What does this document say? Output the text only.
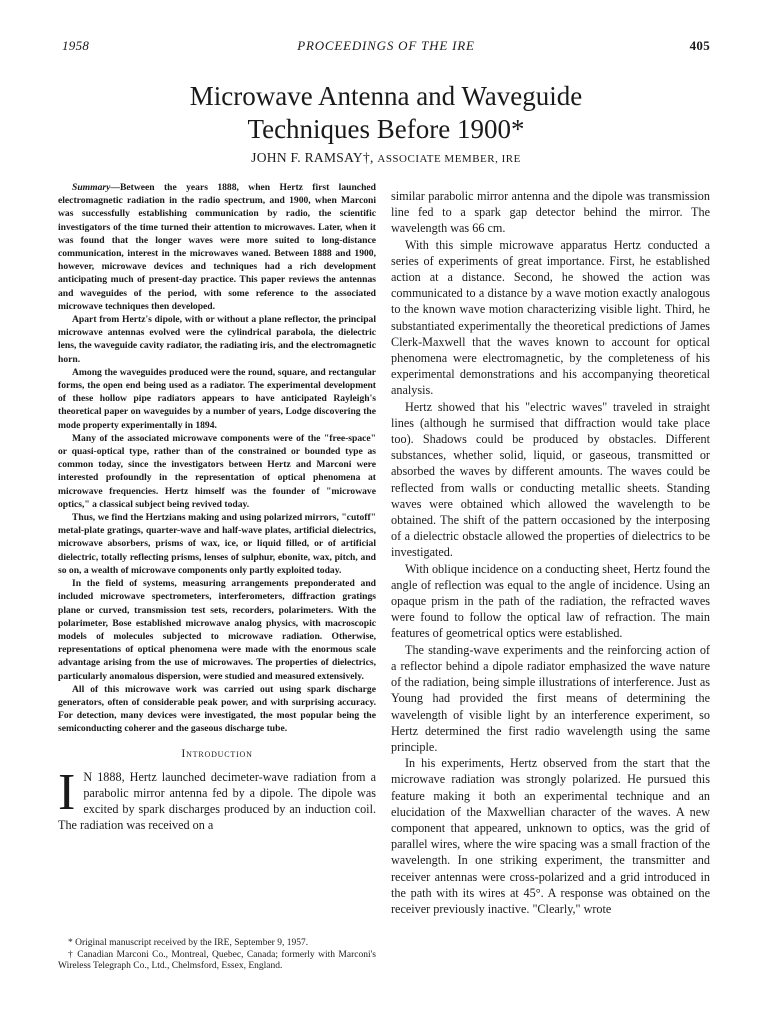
1958	PROCEEDINGS OF THE IRE	405
Microwave Antenna and Waveguide
Techniques Before 1900*
JOHN F. RAMSAY†, ASSOCIATE MEMBER, IRE

Summary—Between the years 1888, when Hertz first launched electromagnetic radiation in the radio spectrum, and 1900, when Marconi was successfully establishing communication by radio, the scientific investigators of the time turned their attention to microwaves. Later, when it was found that the longer waves were more suited to long-distance communication, interest in the microwaves waned. Between 1888 and 1900, however, microwave devices and techniques had a rich development anticipating much of present-day practice. This paper reviews the antennas and waveguides of the period, with some reference to the associated microwave techniques then developed.

Apart from Hertz's dipole, with or without a plane reflector, the principal microwave antennas evolved were the cylindrical parabola, the dielectric lens, the waveguide cavity radiator, the radiating iris, and the electromagnetic horn.

Among the waveguides produced were the round, square, and rectangular forms, the open end being used as a radiator. The experimental development of these hollow pipe radiators appears to have anticipated Rayleigh's theoretical paper on waveguides by a number of years, Lodge discovering the mode property experimentally in 1894.

Many of the associated microwave components were of the "free-space" or quasi-optical type, rather than of the constrained or bounded type as common today, since the investigators between Hertz and Marconi were interested profoundly in the representation of optical phenomena at microwave frequencies. Hertz himself was the founder of "microwave optics," a classical subject being revived today.

Thus, we find the Hertzians making and using polarized mirrors, "cutoff" metal-plate gratings, quarter-wave and half-wave plates, artificial dielectrics, microwave absorbers, prisms of wax, ice, or liquid filled, or of artificial dielectric, totally reflecting prisms, lenses of sulphur, ebonite, wax, pitch, and so on, a wealth of microwave components only partly exploited today.

In the field of systems, measuring arrangements preponderated and included microwave spectrometers, interferometers, diffraction gratings plane or curved, transmission test sets, recorders, polarimeters. With the polarimeter, Bose established microwave analog physics, with macroscopic models of molecules subjected to microwave radiation. Otherwise, representations of optical phenomena were made with the enormous scale advantage arising from the use of microwaves. The properties of dielectrics, particularly anomalous dispersion, were studied and measured extensively.

All of this microwave work was carried out using spark discharge generators, often of considerable peak power, and with surprising accuracy. For detection, many devices were investigated, the most popular being the semiconducting coherer and the gaseous discharge tube.

Introduction

I N 1888, Hertz launched decimeter-wave radiation from a parabolic mirror antenna fed by a dipole. The dipole was excited by spark discharges produced by an induction coil. The radiation was received on a

* Original manuscript received by the IRE, September 9, 1957.

† Canadian Marconi Co., Montreal, Quebec, Canada; formerly with Marconi's Wireless Telegraph Co., Ltd., Chelmsford, Essex, England.

similar parabolic mirror antenna and the dipole was transmission line fed to a spark gap detector behind the mirror. The wavelength was 66 cm.

With this simple microwave apparatus Hertz conducted a series of experiments of great importance. First, he established action at a distance. Second, he showed the action was communicated to a distance by a wave motion exactly analogous to the known wave motion characterizing visible light. Third, he substantiated experimentally the theoretical predictions of James Clerk-Maxwell that the waves known to account for optical phenomena were electromagnetic, by the completeness of his experimental demonstrations and his accompanying theoretical analysis.

Hertz showed that his "electric waves" traveled in straight lines (although he surmised that diffraction would take place too). Shadows could be produced by obstacles. Different substances, whether solid, liquid, or gaseous, transmitted or absorbed the waves by different amounts. The waves could be reflected from walls or conducting metallic sheets. Standing waves were obtained which allowed the wavelength to be obtained. The shift of the pattern occasioned by the interposing of a dielectric obstacle allowed the properties of dielectrics to be investigated.

With oblique incidence on a conducting sheet, Hertz found the angle of reflection was equal to the angle of incidence. Using an opaque prism in the path of the radiation, the refracted waves were found to follow the optical law of refraction. The main features of geometrical optics were established.

The standing-wave experiments and the reinforcing action of a reflector behind a dipole radiator emphasized the wave nature of the radiation, being simple illustrations of interference. Just as Young had provided the first means of determining the wavelength of visible light by an interference experiment, so Hertz determined the first radio wavelength using the same principle.

In his experiments, Hertz observed from the start that the microwave radiation was strongly polarized. He pursued this feature making it both an experimental technique and an elucidation of the Maxwellian character of the waves. A new component that appeared, unknown to optics, was the grid of parallel wires, where the wire spacing was a small fraction of the wavelength. In one striking experiment, the transmitter and receiver antennas were cross-polarized and a grid introduced in the path with its wires at 45°. A response was obtained on the receiver previously inactive. "Clearly," wrote
